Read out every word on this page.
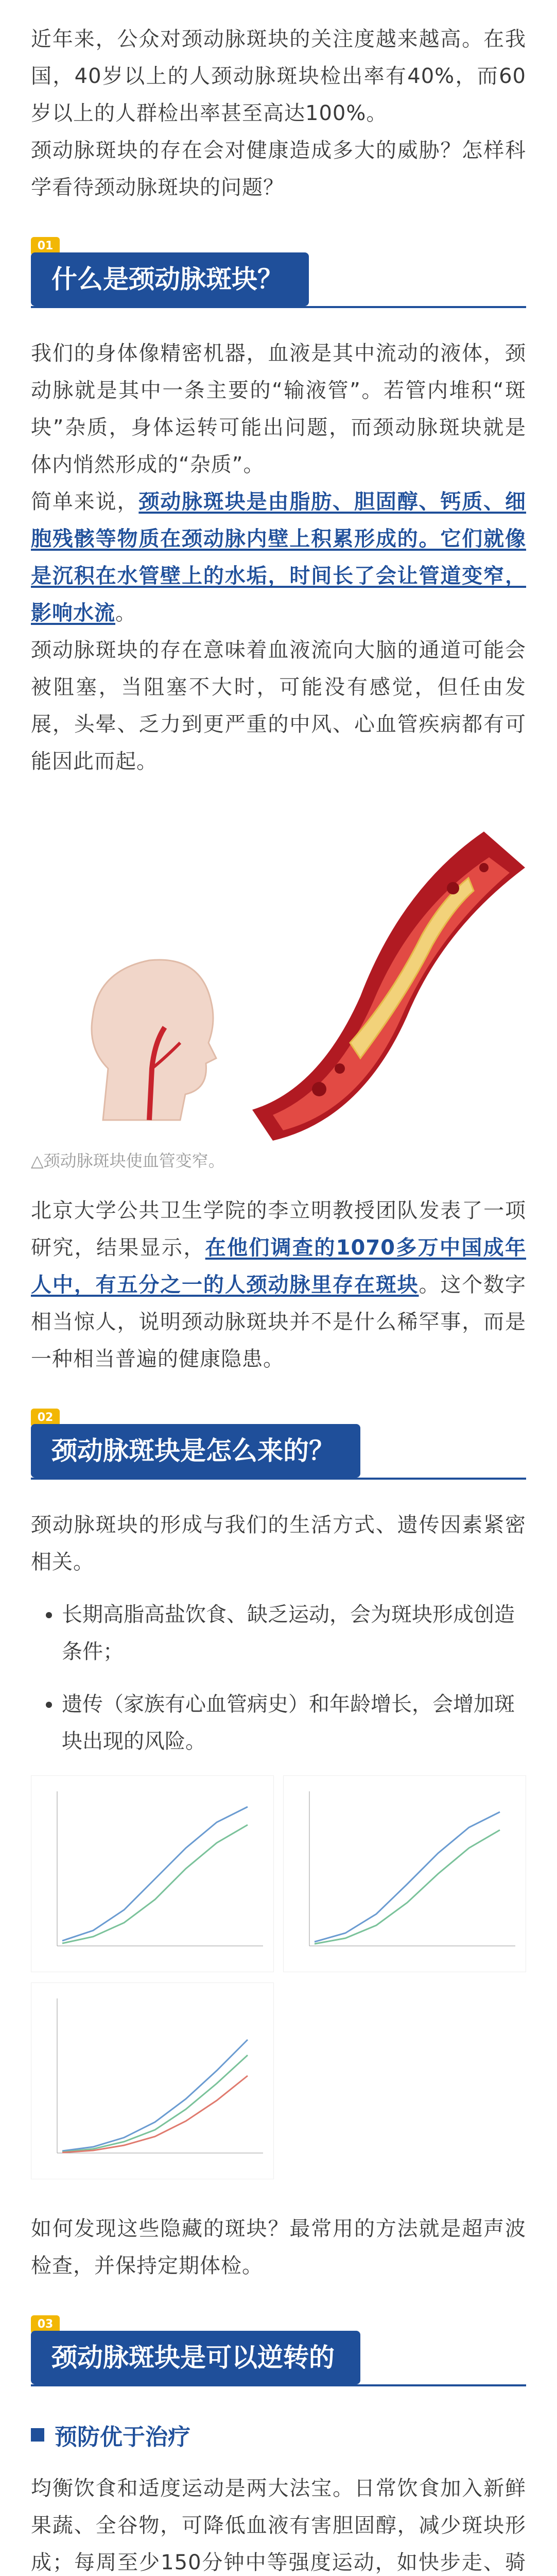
近年来，公众对颈动脉斑块的关注度越来越高。在我国，40岁以上的人颈动脉斑块检出率有40%，而60岁以上的人群检出率甚至高达100%。

颈动脉斑块的存在会对健康造成多大的威胁？怎样科学看待颈动脉斑块的问题？

01
什么是颈动脉斑块？

我们的身体像精密机器，血液是其中流动的液体，颈动脉就是其中一条主要的“输液管”。若管内堆积“斑块”杂质，身体运转可能出问题，而颈动脉斑块就是体内悄然形成的“杂质”。

简单来说，颈动脉斑块是由脂肪、胆固醇、钙质、细胞残骸等物质在颈动脉内壁上积累形成的。它们就像是沉积在水管壁上的水垢，时间长了会让管道变窄，影响水流。

颈动脉斑块的存在意味着血液流向大脑的通道可能会被阻塞，当阻塞不大时，可能没有感觉，但任由发展，头晕、乏力到更严重的中风、心血管疾病都有可能因此而起。

△颈动脉斑块使血管变窄。

北京大学公共卫生学院的李立明教授团队发表了一项研究，结果显示，在他们调查的1070多万中国成年人中，有五分之一的人颈动脉里存在斑块。这个数字相当惊人，说明颈动脉斑块并不是什么稀罕事，而是一种相当普遍的健康隐患。

02
颈动脉斑块是怎么来的？

颈动脉斑块的形成与我们的生活方式、遗传因素紧密相关。

• 长期高脂高盐饮食、缺乏运动，会为斑块形成创造条件；
• 遗传（家族有心血管病史）和年龄增长，会增加斑块出现的风险。

如何发现这些隐藏的斑块？最常用的方法就是超声波检查，并保持定期体检。

03
颈动脉斑块是可以逆转的
预防优于治疗

均衡饮食和适度运动是两大法宝。日常饮食加入新鲜果蔬、全谷物，可降低血液有害胆固醇，减少斑块形成；每周至少150分钟中等强度运动，如快步走、骑
